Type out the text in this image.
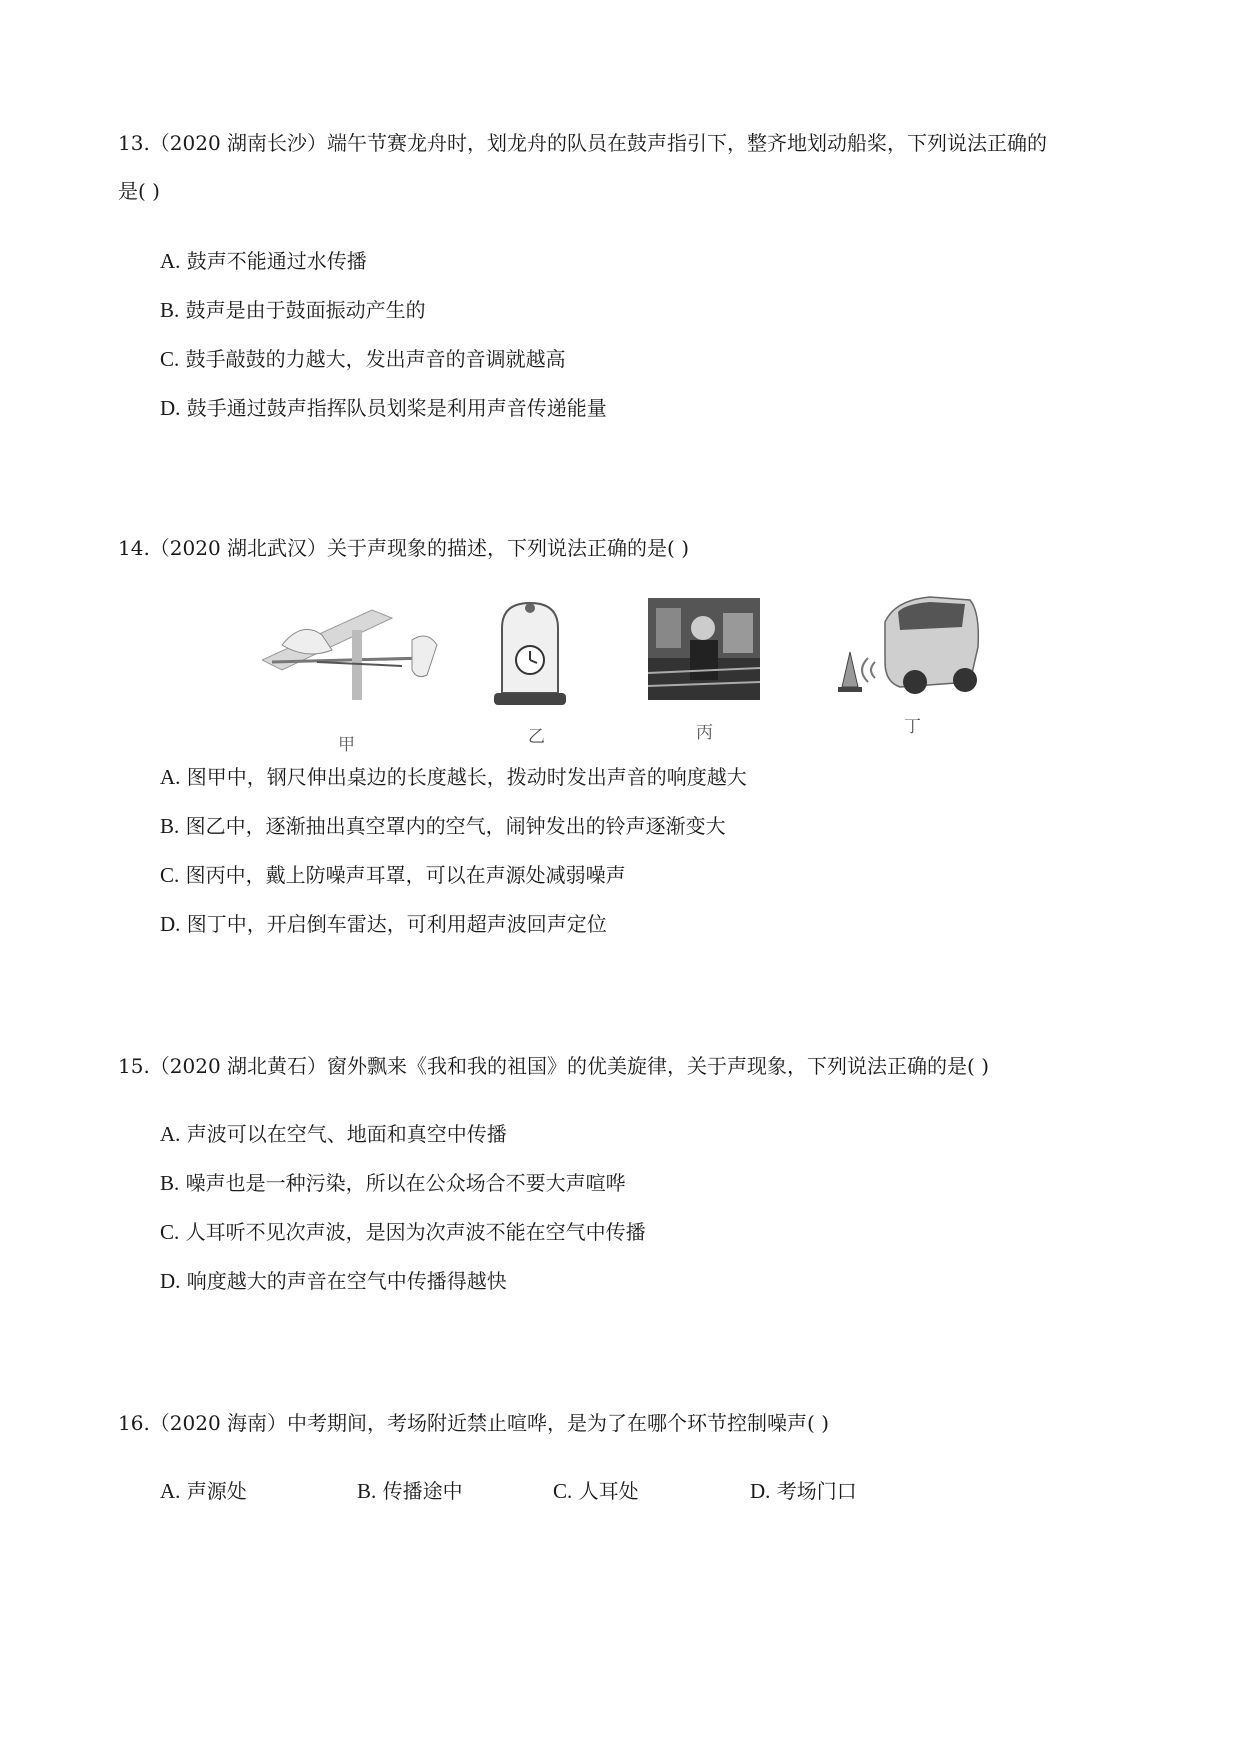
13.（2020 湖南长沙）端午节赛龙舟时，划龙舟的队员在鼓声指引下，整齐地划动船桨，下列说法正确的
是( )
A. 鼓声不能通过水传播
B. 鼓声是由于鼓面振动产生的
C. 鼓手敲鼓的力越大，发出声音的音调就越高
D. 鼓手通过鼓声指挥队员划桨是利用声音传递能量
14.（2020 湖北武汉）关于声现象的描述，下列说法正确的是( )
甲	乙	丙	丁
A. 图甲中，钢尺伸出桌边的长度越长，拨动时发出声音的响度越大
B. 图乙中，逐渐抽出真空罩内的空气，闹钟发出的铃声逐渐变大
C. 图丙中，戴上防噪声耳罩，可以在声源处减弱噪声
D. 图丁中，开启倒车雷达，可利用超声波回声定位
15.（2020 湖北黄石）窗外飘来《我和我的祖国》的优美旋律，关于声现象，下列说法正确的是( )
A. 声波可以在空气、地面和真空中传播
B. 噪声也是一种污染，所以在公众场合不要大声喧哗
C. 人耳听不见次声波，是因为次声波不能在空气中传播
D. 响度越大的声音在空气中传播得越快
16.（2020 海南）中考期间，考场附近禁止喧哗，是为了在哪个环节控制噪声( )
A. 声源处	B. 传播途中	C. 人耳处	D. 考场门口
